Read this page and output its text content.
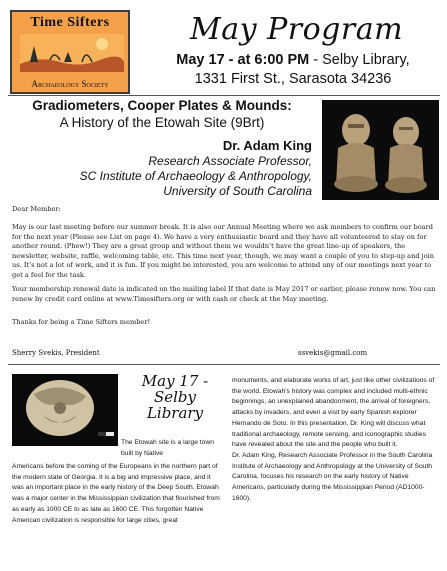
Time Sifters
Archaeology Society
May Program
May 17 - at 6:00 PM - Selby Library,
1331 First St., Sarasota 34236
Gradiometers, Cooper Plates & Mounds:
A History of the Etowah Site (9Brt)
Dr. Adam King
Research Associate Professor,
SC Institute of Archaeology & Anthropology,
University of South Carolina
Dear Member:
May is our last meeting before our summer break. It is also our Annual Meeting where we ask members to confirm our board for the next year (Please see List on page 4). We have a very enthusiastic board and they have all volunteered to stay on for another round. (Phew!) They are a great group and without them we wouldn’t have the great line-up of speakers, the newsletter, website, raffle, welcoming table, etc. This time next year, though, we may want a couple of you to step-up and join us. It’s not a lot of work, and it is fun. If you might be interested, you are welcome to attend any of our meetings next year to get a feel for the task.
Your membership renewal date is indicated on the mailing label If that date is May 2017 or earlier, please renew now. You can renew by credit card online at www.Timesifters.org or with cash or check at the May meeting.
Thanks for being a Time Sifters member!
Sherry Svekis, President	ssvekis@gmail.com
May 17 -
Selby
Library
The Etowah site is a large town built by Native
Americans before the coming of the Europeans in the northern part of the modern state of Georgia. It is a big and impressive place, and it was an important place in the early history of the Deep South. Etowah was a major center in the Mississippian civilization that flourished from as early as 1000 CE to as late as 1600 CE. This forgotten Native American civilization is responsible for large cities, great
monuments, and elaborate works of art, just like other civilizations of the world. Etowah’s history was complex and included multi-ethnic beginnings, an unexplained abandonment, the arrival of foreigners, attacks by invaders, and even a visit by early Spanish explorer Hernando de Soto. In this presentation, Dr. King will discuss what traditional archaeology, remote sensing, and iconographic studies have revealed about the site and the people who built it.
Dr. Adam King, Research Associate Professor in the South Carolina Institute of Archaeology and Anthropology at the University of South Carolina, focuses his research on the early history of Native Americans, particularly during the Mississippian Period (AD1000-1600).
